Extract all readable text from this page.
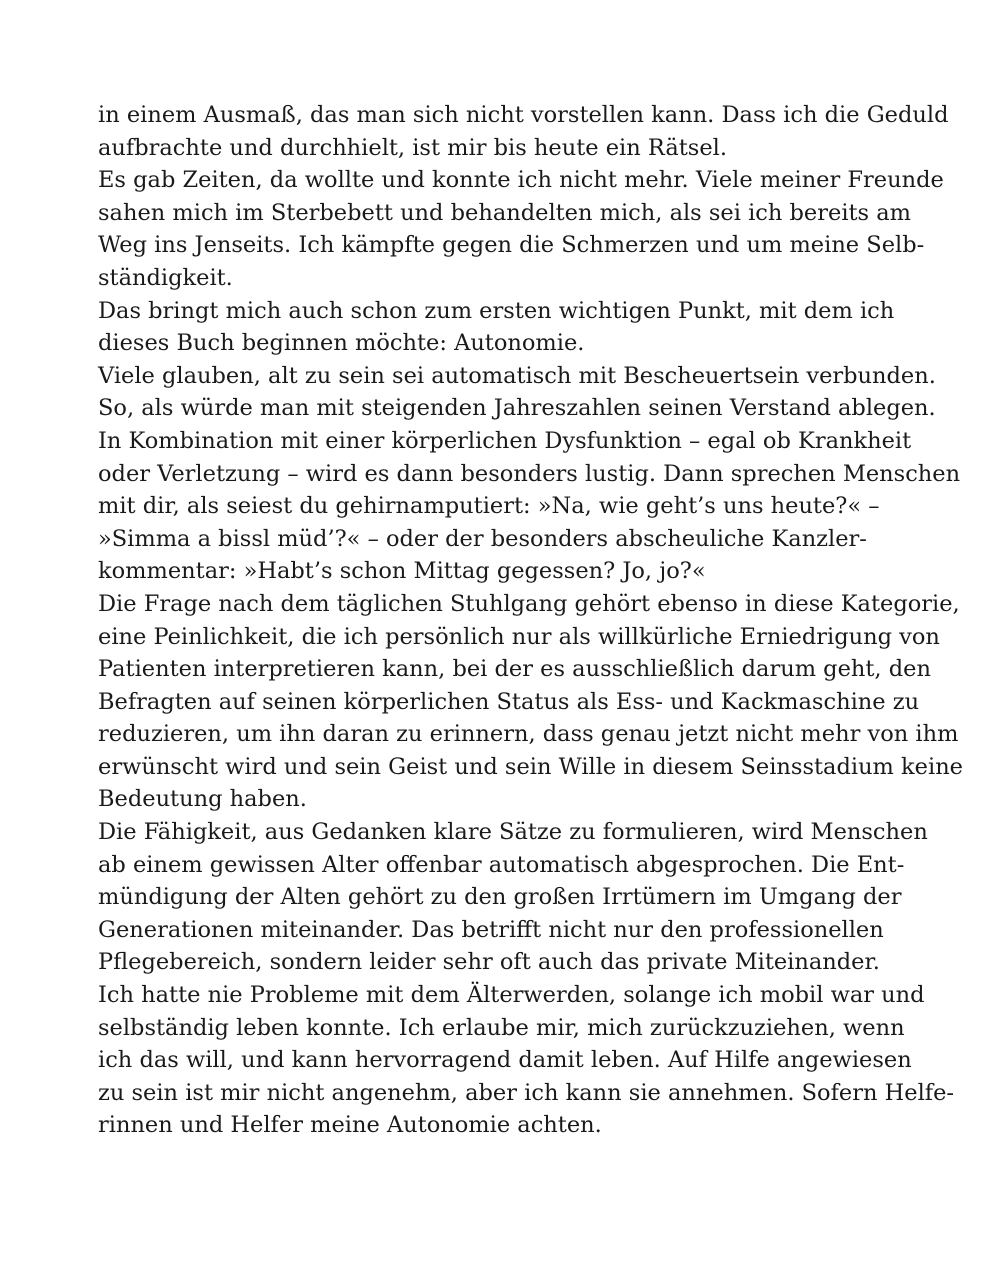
in einem Ausmaß, das man sich nicht vorstellen kann. Dass ich die Geduld
aufbrachte und durchhielt, ist mir bis heute ein Rätsel.
Es gab Zeiten, da wollte und konnte ich nicht mehr. Viele meiner Freunde
sahen mich im Sterbebett und behandelten mich, als sei ich bereits am
Weg ins Jenseits. Ich kämpfte gegen die Schmerzen und um meine Selb-
ständigkeit.
Das bringt mich auch schon zum ersten wichtigen Punkt, mit dem ich
dieses Buch beginnen möchte: Autonomie.
Viele glauben, alt zu sein sei automatisch mit Bescheuertsein verbunden.
So, als würde man mit steigenden Jahreszahlen seinen Verstand ablegen.
In Kombination mit einer körperlichen Dysfunktion – egal ob Krankheit
oder Verletzung – wird es dann besonders lustig. Dann sprechen Menschen
mit dir, als seiest du gehirnamputiert: »Na, wie geht’s uns heute?« –
»Simma a bissl müd’?« – oder der besonders abscheuliche Kanzler-
kommentar: »Habt’s schon Mittag gegessen? Jo, jo?«
Die Frage nach dem täglichen Stuhlgang gehört ebenso in diese Kategorie,
eine Peinlichkeit, die ich persönlich nur als willkürliche Erniedrigung von
Patienten interpretieren kann, bei der es ausschließlich darum geht, den
Befragten auf seinen körperlichen Status als Ess- und Kackmaschine zu
reduzieren, um ihn daran zu erinnern, dass genau jetzt nicht mehr von ihm
erwünscht wird und sein Geist und sein Wille in diesem Seinsstadium keine
Bedeutung haben.
Die Fähigkeit, aus Gedanken klare Sätze zu formulieren, wird Menschen
ab einem gewissen Alter offenbar automatisch abgesprochen. Die Ent-
mündigung der Alten gehört zu den großen Irrtümern im Umgang der
Generationen miteinander. Das betrifft nicht nur den professionellen
Pflegebereich, sondern leider sehr oft auch das private Miteinander.
Ich hatte nie Probleme mit dem Älterwerden, solange ich mobil war und
selbständig leben konnte. Ich erlaube mir, mich zurückzuziehen, wenn
ich das will, und kann hervorragend damit leben. Auf Hilfe angewiesen
zu sein ist mir nicht angenehm, aber ich kann sie annehmen. Sofern Helfe-
rinnen und Helfer meine Autonomie achten.
